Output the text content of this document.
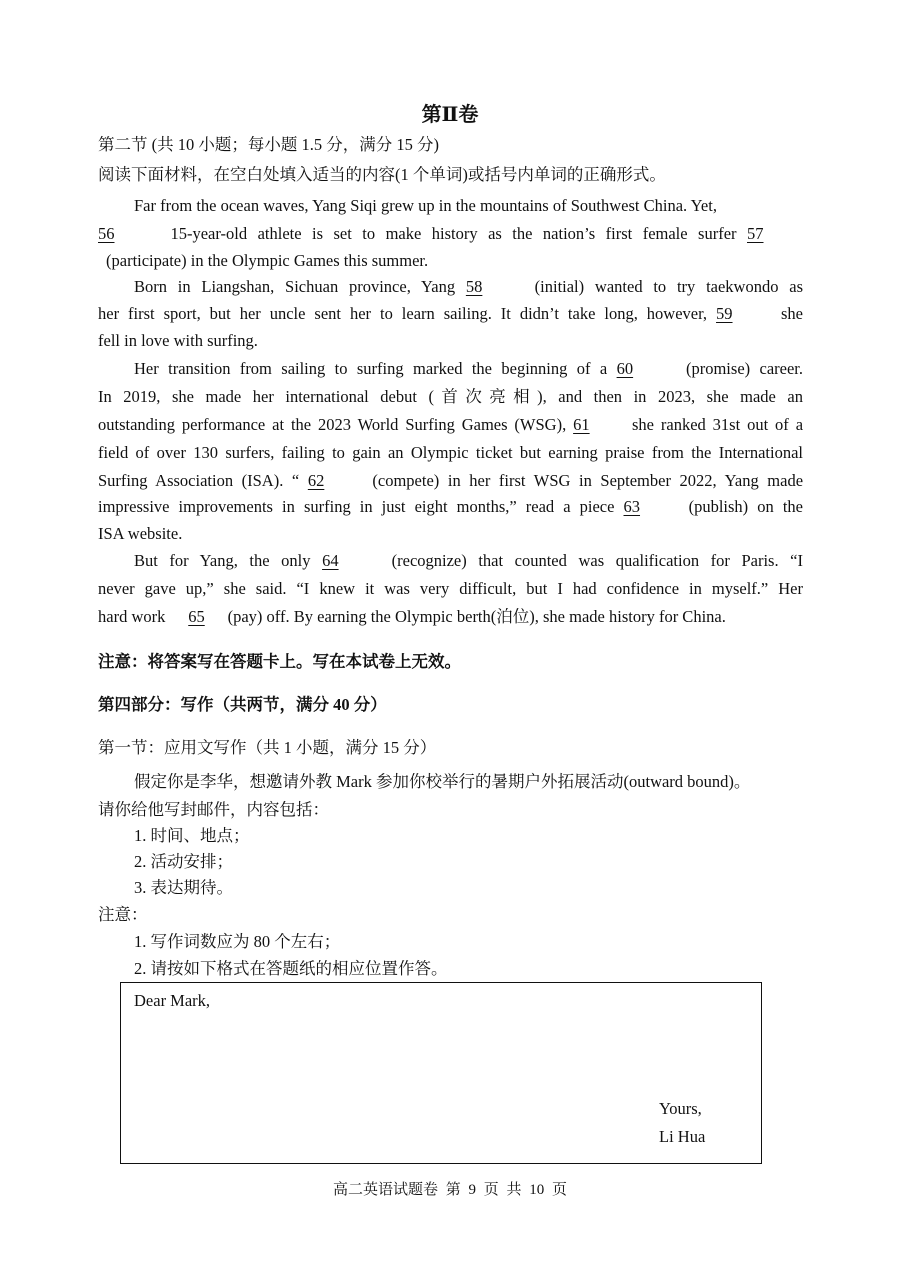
第Ⅱ卷
第二节 (共 10 小题；每小题 1.5 分，满分 15 分)
阅读下面材料，在空白处填入适当的内容(1 个单词)或括号内单词的正确形式。
Far from the ocean waves, Yang Siqi grew up in the mountains of Southwest China. Yet,
56	15-year-old athlete is set to make history as the nation’s first female surfer 57
(participate) in the Olympic Games this summer.
Born in Liangshan, Sichuan province, Yang 58	(initial) wanted to try taekwondo as
her first sport, but her uncle sent her to learn sailing. It didn’t take long, however, 59	she
fell in love with surfing.
Her transition from sailing to surfing marked the beginning of a 60	(promise) career.
In 2019, she made her international debut (首次亮相), and then in 2023, she made an
outstanding performance at the 2023 World Surfing Games (WSG), 61	she ranked 31st out of a
field of over 130 surfers, failing to gain an Olympic ticket but earning praise from the International
Surfing Association (ISA). “ 62	(compete) in her first WSG in September 2022, Yang made
impressive improvements in surfing in just eight months,” read a piece 63	(publish) on the
ISA website.
But for Yang, the only 64	(recognize) that counted was qualification for Paris. “I
never gave up,” she said. “I knew it was very difficult, but I had confidence in myself.” Her
hard work 65 (pay) off. By earning the Olympic berth(泊位), she made history for China.
注意：将答案写在答题卡上。写在本试卷上无效。
第四部分：写作（共两节，满分 40 分）
第一节：应用文写作（共 1 小题，满分 15 分）
假定你是李华，想邀请外教 Mark 参加你校举行的暑期户外拓展活动(outward bound)。
请你给他写封邮件，内容包括：
1. 时间、地点；
2. 活动安排；
3. 表达期待。
注意：
1. 写作词数应为 80 个左右；
2. 请按如下格式在答题纸的相应位置作答。
Dear Mark,
Yours,
Li Hua
高二英语试题卷 第 9 页 共 10 页
